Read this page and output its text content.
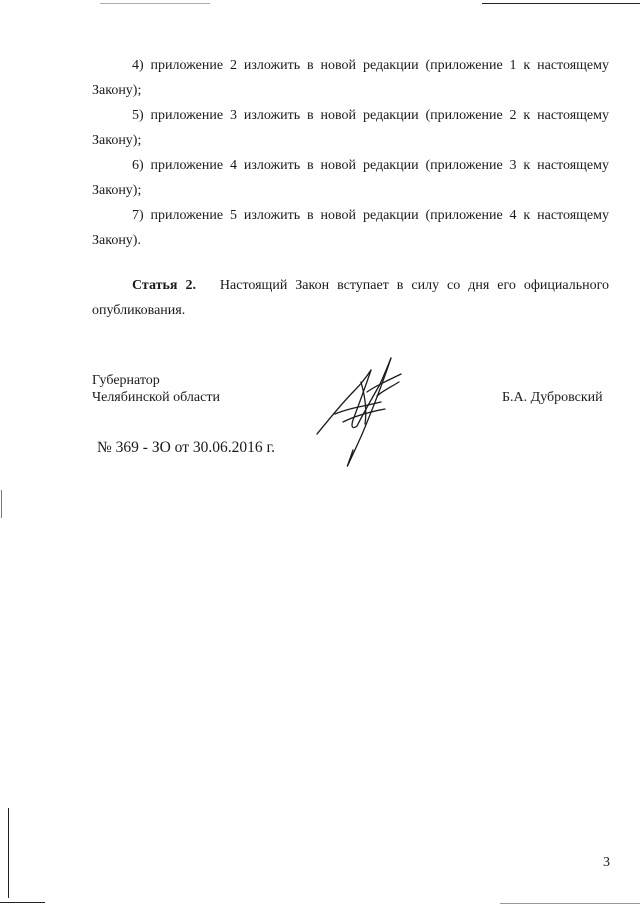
4) приложение 2 изложить в новой редакции (приложение 1 к настоящему
Закону);
5) приложение 3 изложить в новой редакции (приложение 2 к настоящему
Закону);
6) приложение 4 изложить в новой редакции (приложение 3 к настоящему
Закону);
7) приложение 5 изложить в новой редакции (приложение 4 к настоящему
Закону).
Статья 2. Настоящий Закон вступает в силу со дня его официального
опубликования.
Губернатор
Челябинской области	Б.А. Дубровский
№ 369 - ЗО от 30.06.2016 г.
3
